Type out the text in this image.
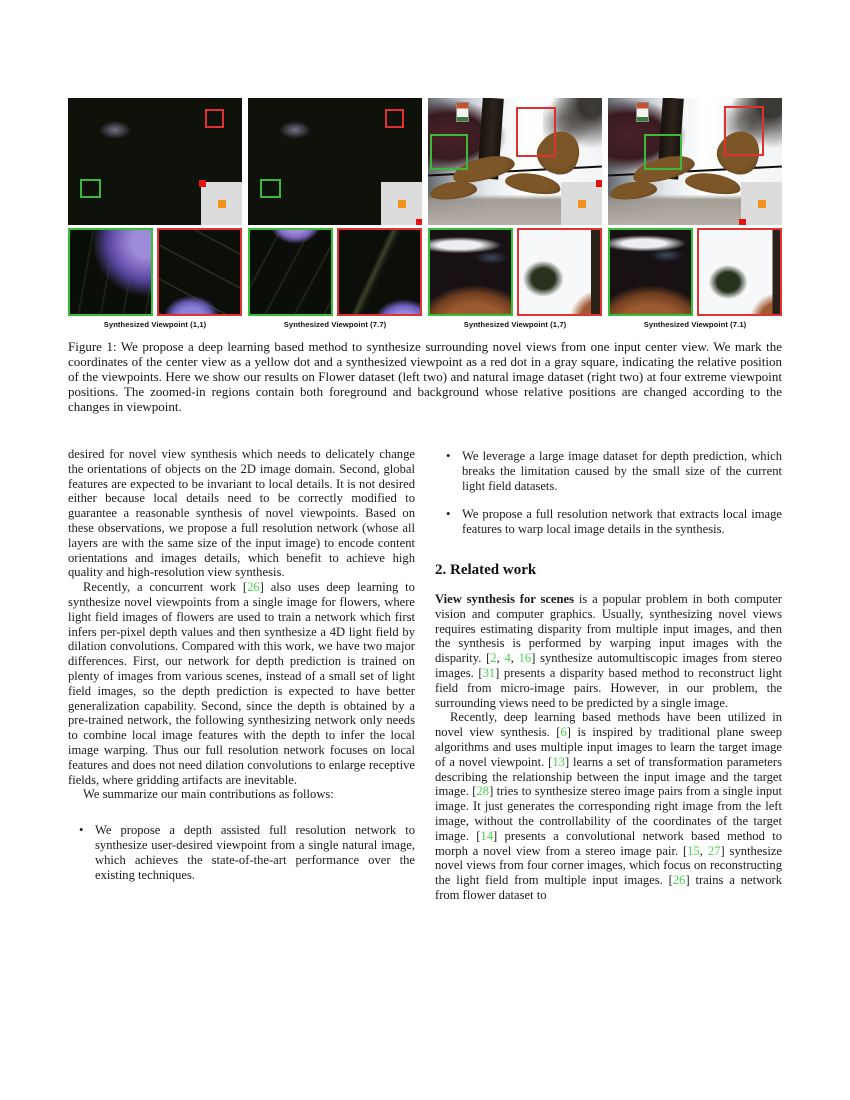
Synthesized Viewpoint (1,1)	Synthesized Viewpoint (7.7)	Synthesized Viewpoint (1,7)	Synthesized Viewpoint (7.1)
Figure 1: We propose a deep learning based method to synthesize surrounding novel views from one input center view. We mark the coordinates of the center view as a yellow dot and a synthesized viewpoint as a red dot in a gray square, indicating the relative position of the viewpoints. Here we show our results on Flower dataset (left two) and natural image dataset (right two) at four extreme viewpoint positions. The zoomed-in regions contain both foreground and background whose relative positions are changed according to the changes in viewpoint.

desired for novel view synthesis which needs to delicately change the orientations of objects on the 2D image domain. Second, global features are expected to be invariant to local details. It is not desired either because local details need to be correctly modified to guarantee a reasonable synthesis of novel viewpoints. Based on these observations, we propose a full resolution network (whose all layers are with the same size of the input image) to encode content orientations and images details, which benefit to achieve high quality and high-resolution view synthesis.

Recently, a concurrent work [26] also uses deep learning to synthesize novel viewpoints from a single image for flowers, where light field images of flowers are used to train a network which first infers per-pixel depth values and then synthesize a 4D light field by dilation convolutions. Compared with this work, we have two major differences. First, our network for depth prediction is trained on plenty of images from various scenes, instead of a small set of light field images, so the depth prediction is expected to have better generalization capability. Second, since the depth is obtained by a pre-trained network, the following synthesizing network only needs to combine local image features with the depth to infer the local image warping. Thus our full resolution network focuses on local features and does not need dilation convolutions to enlarge receptive fields, where gridding artifacts are inevitable.

We summarize our main contributions as follows:

• We propose a depth assisted full resolution network to synthesize user-desired viewpoint from a single natural image, which achieves the state-of-the-art performance over the existing techniques.
• We leverage a large image dataset for depth prediction, which breaks the limitation caused by the small size of the current light field datasets.
• We propose a full resolution network that extracts local image features to warp local image details in the synthesis.
2. Related work

View synthesis for scenes is a popular problem in both computer vision and computer graphics. Usually, synthesizing novel views requires estimating disparity from multiple input images, and then the synthesis is performed by warping input images with the disparity. [2, 4, 16] synthesize automultiscopic images from stereo images. [31] presents a disparity based method to reconstruct light field from micro-image pairs. However, in our problem, the surrounding views need to be predicted by a single image.

Recently, deep learning based methods have been utilized in novel view synthesis. [6] is inspired by traditional plane sweep algorithms and uses multiple input images to learn the target image of a novel viewpoint. [13] learns a set of transformation parameters describing the relationship between the input image and the target image. [28] tries to synthesize stereo image pairs from a single input image. It just generates the corresponding right image from the left image, without the controllability of the coordinates of the target image. [14] presents a convolutional network based method to morph a novel view from a stereo image pair. [15, 27] synthesize novel views from four corner images, which focus on reconstructing the light field from multiple input images. [26] trains a network from flower dataset to
